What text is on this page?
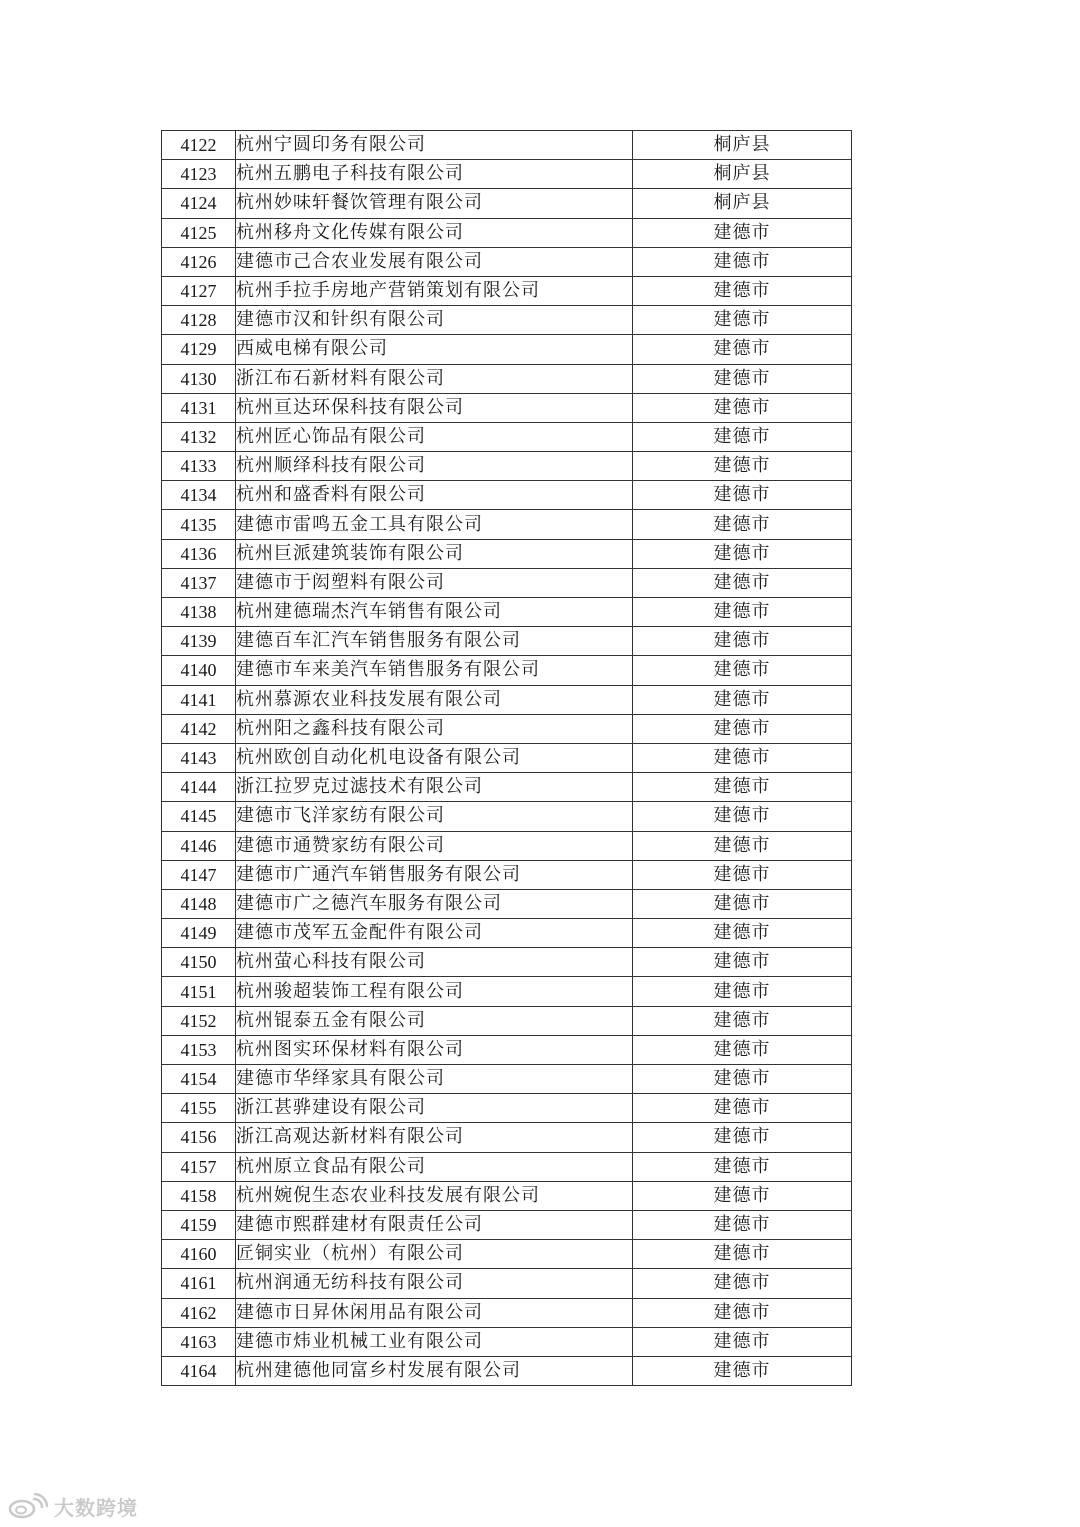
4122	杭州宁圆印务有限公司	桐庐县
4123	杭州五鹏电子科技有限公司	桐庐县
4124	杭州妙味轩餐饮管理有限公司	桐庐县
4125	杭州移舟文化传媒有限公司	建德市
4126	建德市己合农业发展有限公司	建德市
4127	杭州手拉手房地产营销策划有限公司	建德市
4128	建德市汉和针织有限公司	建德市
4129	西威电梯有限公司	建德市
4130	浙江布石新材料有限公司	建德市
4131	杭州亘达环保科技有限公司	建德市
4132	杭州匠心饰品有限公司	建德市
4133	杭州顺绎科技有限公司	建德市
4134	杭州和盛香料有限公司	建德市
4135	建德市雷鸣五金工具有限公司	建德市
4136	杭州巨派建筑装饰有限公司	建德市
4137	建德市于闳塑料有限公司	建德市
4138	杭州建德瑞杰汽车销售有限公司	建德市
4139	建德百车汇汽车销售服务有限公司	建德市
4140	建德市车来美汽车销售服务有限公司	建德市
4141	杭州慕源农业科技发展有限公司	建德市
4142	杭州阳之鑫科技有限公司	建德市
4143	杭州欧创自动化机电设备有限公司	建德市
4144	浙江拉罗克过滤技术有限公司	建德市
4145	建德市飞洋家纺有限公司	建德市
4146	建德市通赞家纺有限公司	建德市
4147	建德市广通汽车销售服务有限公司	建德市
4148	建德市广之德汽车服务有限公司	建德市
4149	建德市茂军五金配件有限公司	建德市
4150	杭州萤心科技有限公司	建德市
4151	杭州骏超装饰工程有限公司	建德市
4152	杭州锟泰五金有限公司	建德市
4153	杭州图实环保材料有限公司	建德市
4154	建德市华绎家具有限公司	建德市
4155	浙江甚骅建设有限公司	建德市
4156	浙江高观达新材料有限公司	建德市
4157	杭州原立食品有限公司	建德市
4158	杭州婉倪生态农业科技发展有限公司	建德市
4159	建德市熙群建材有限责任公司	建德市
4160	匠铜实业（杭州）有限公司	建德市
4161	杭州润通无纺科技有限公司	建德市
4162	建德市日昇休闲用品有限公司	建德市
4163	建德市炜业机械工业有限公司	建德市
4164	杭州建德他同富乡村发展有限公司	建德市
大数跨境
